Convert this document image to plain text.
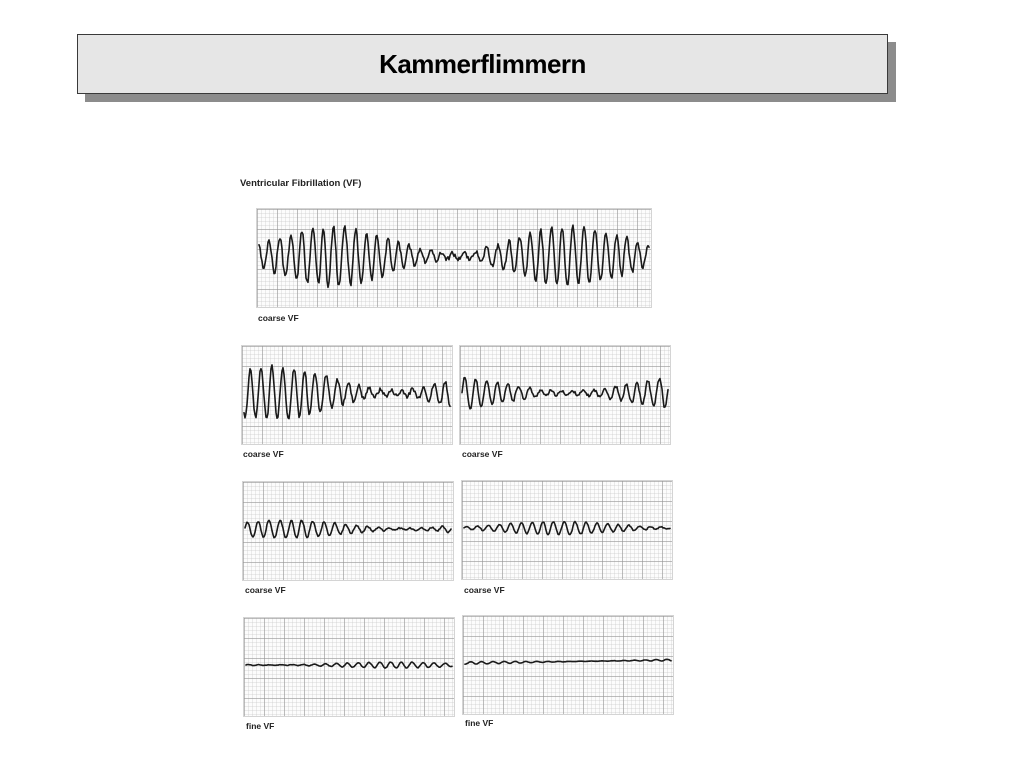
Kammerflimmern
Ventricular Fibrillation (VF)
coarse VF
coarse VF	coarse VF
coarse VF	coarse VF
fine VF	fine VF
